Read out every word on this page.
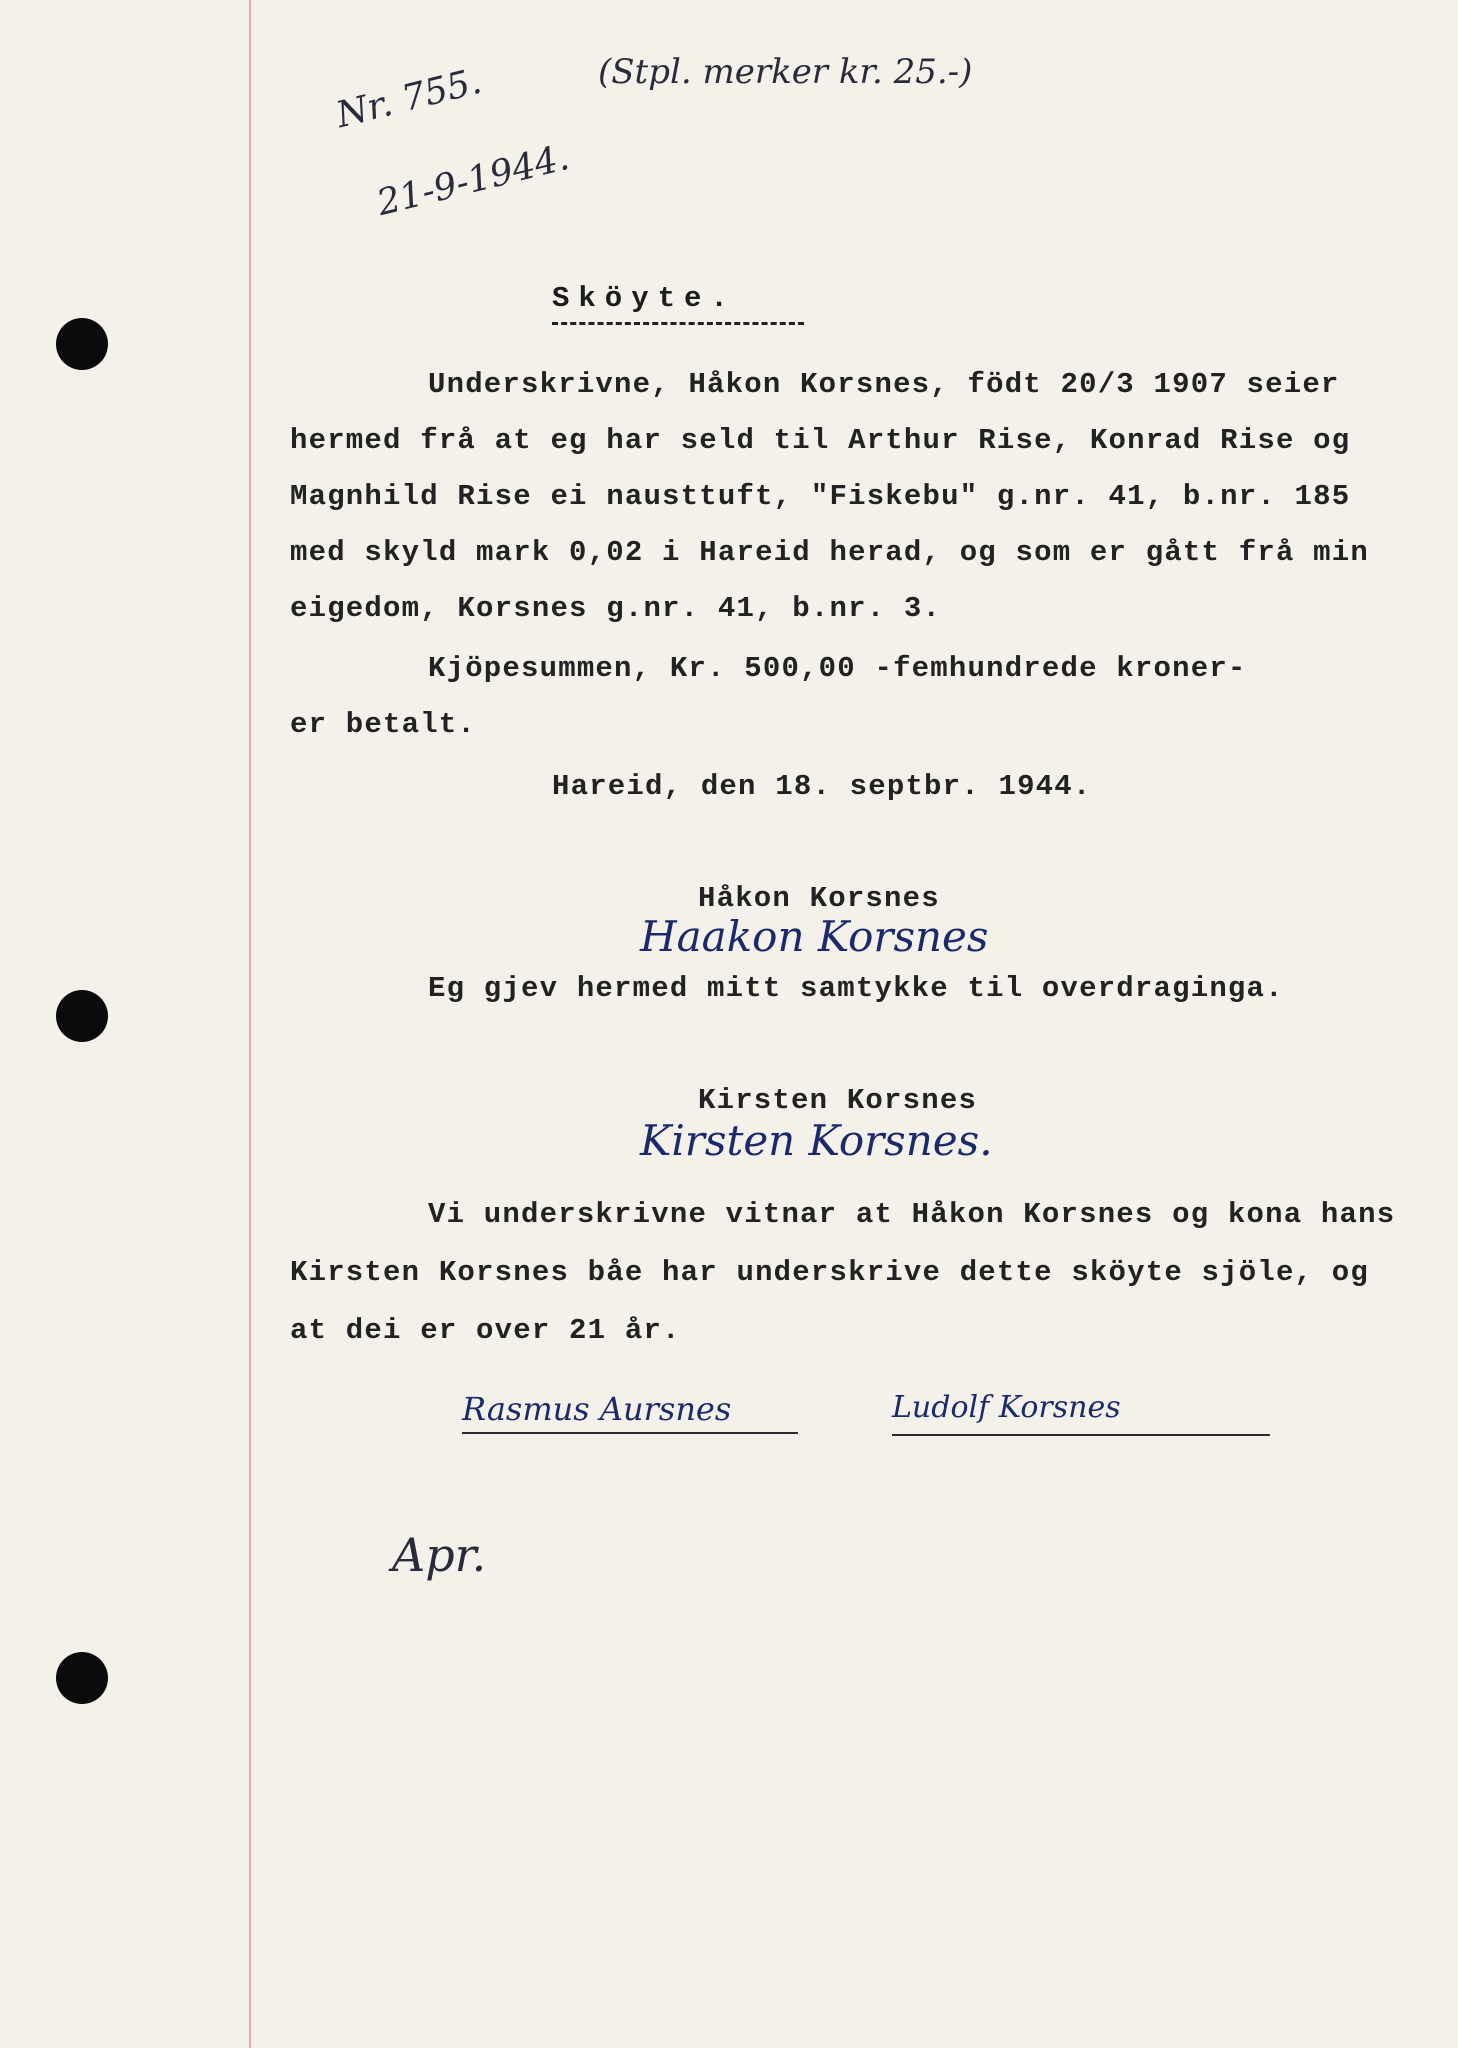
Nr. 755.
21-9-1944.
(Stpl. merker kr. 25.-)
Sköyte.
Underskrivne, Håkon Korsnes, födt 20/3 1907 seier
hermed frå at eg har seld til Arthur Rise, Konrad Rise og
Magnhild Rise ei nausttuft, "Fiskebu" g.nr. 41, b.nr. 185
med skyld mark 0,02 i Hareid herad, og som er gått frå min
eigedom, Korsnes g.nr. 41, b.nr. 3.
Kjöpesummen, Kr. 500,00 -femhundrede kroner-
er betalt.
Hareid, den 18. septbr. 1944.
Håkon Korsnes
Haakon Korsnes
Eg gjev hermed mitt samtykke til overdraginga.
Kirsten Korsnes
Kirsten Korsnes.
Vi underskrivne vitnar at Håkon Korsnes og kona hans
Kirsten Korsnes båe har underskrive dette sköyte sjöle, og
at dei er over 21 år.
Rasmus Aursnes	Ludolf Korsnes
Apr.
